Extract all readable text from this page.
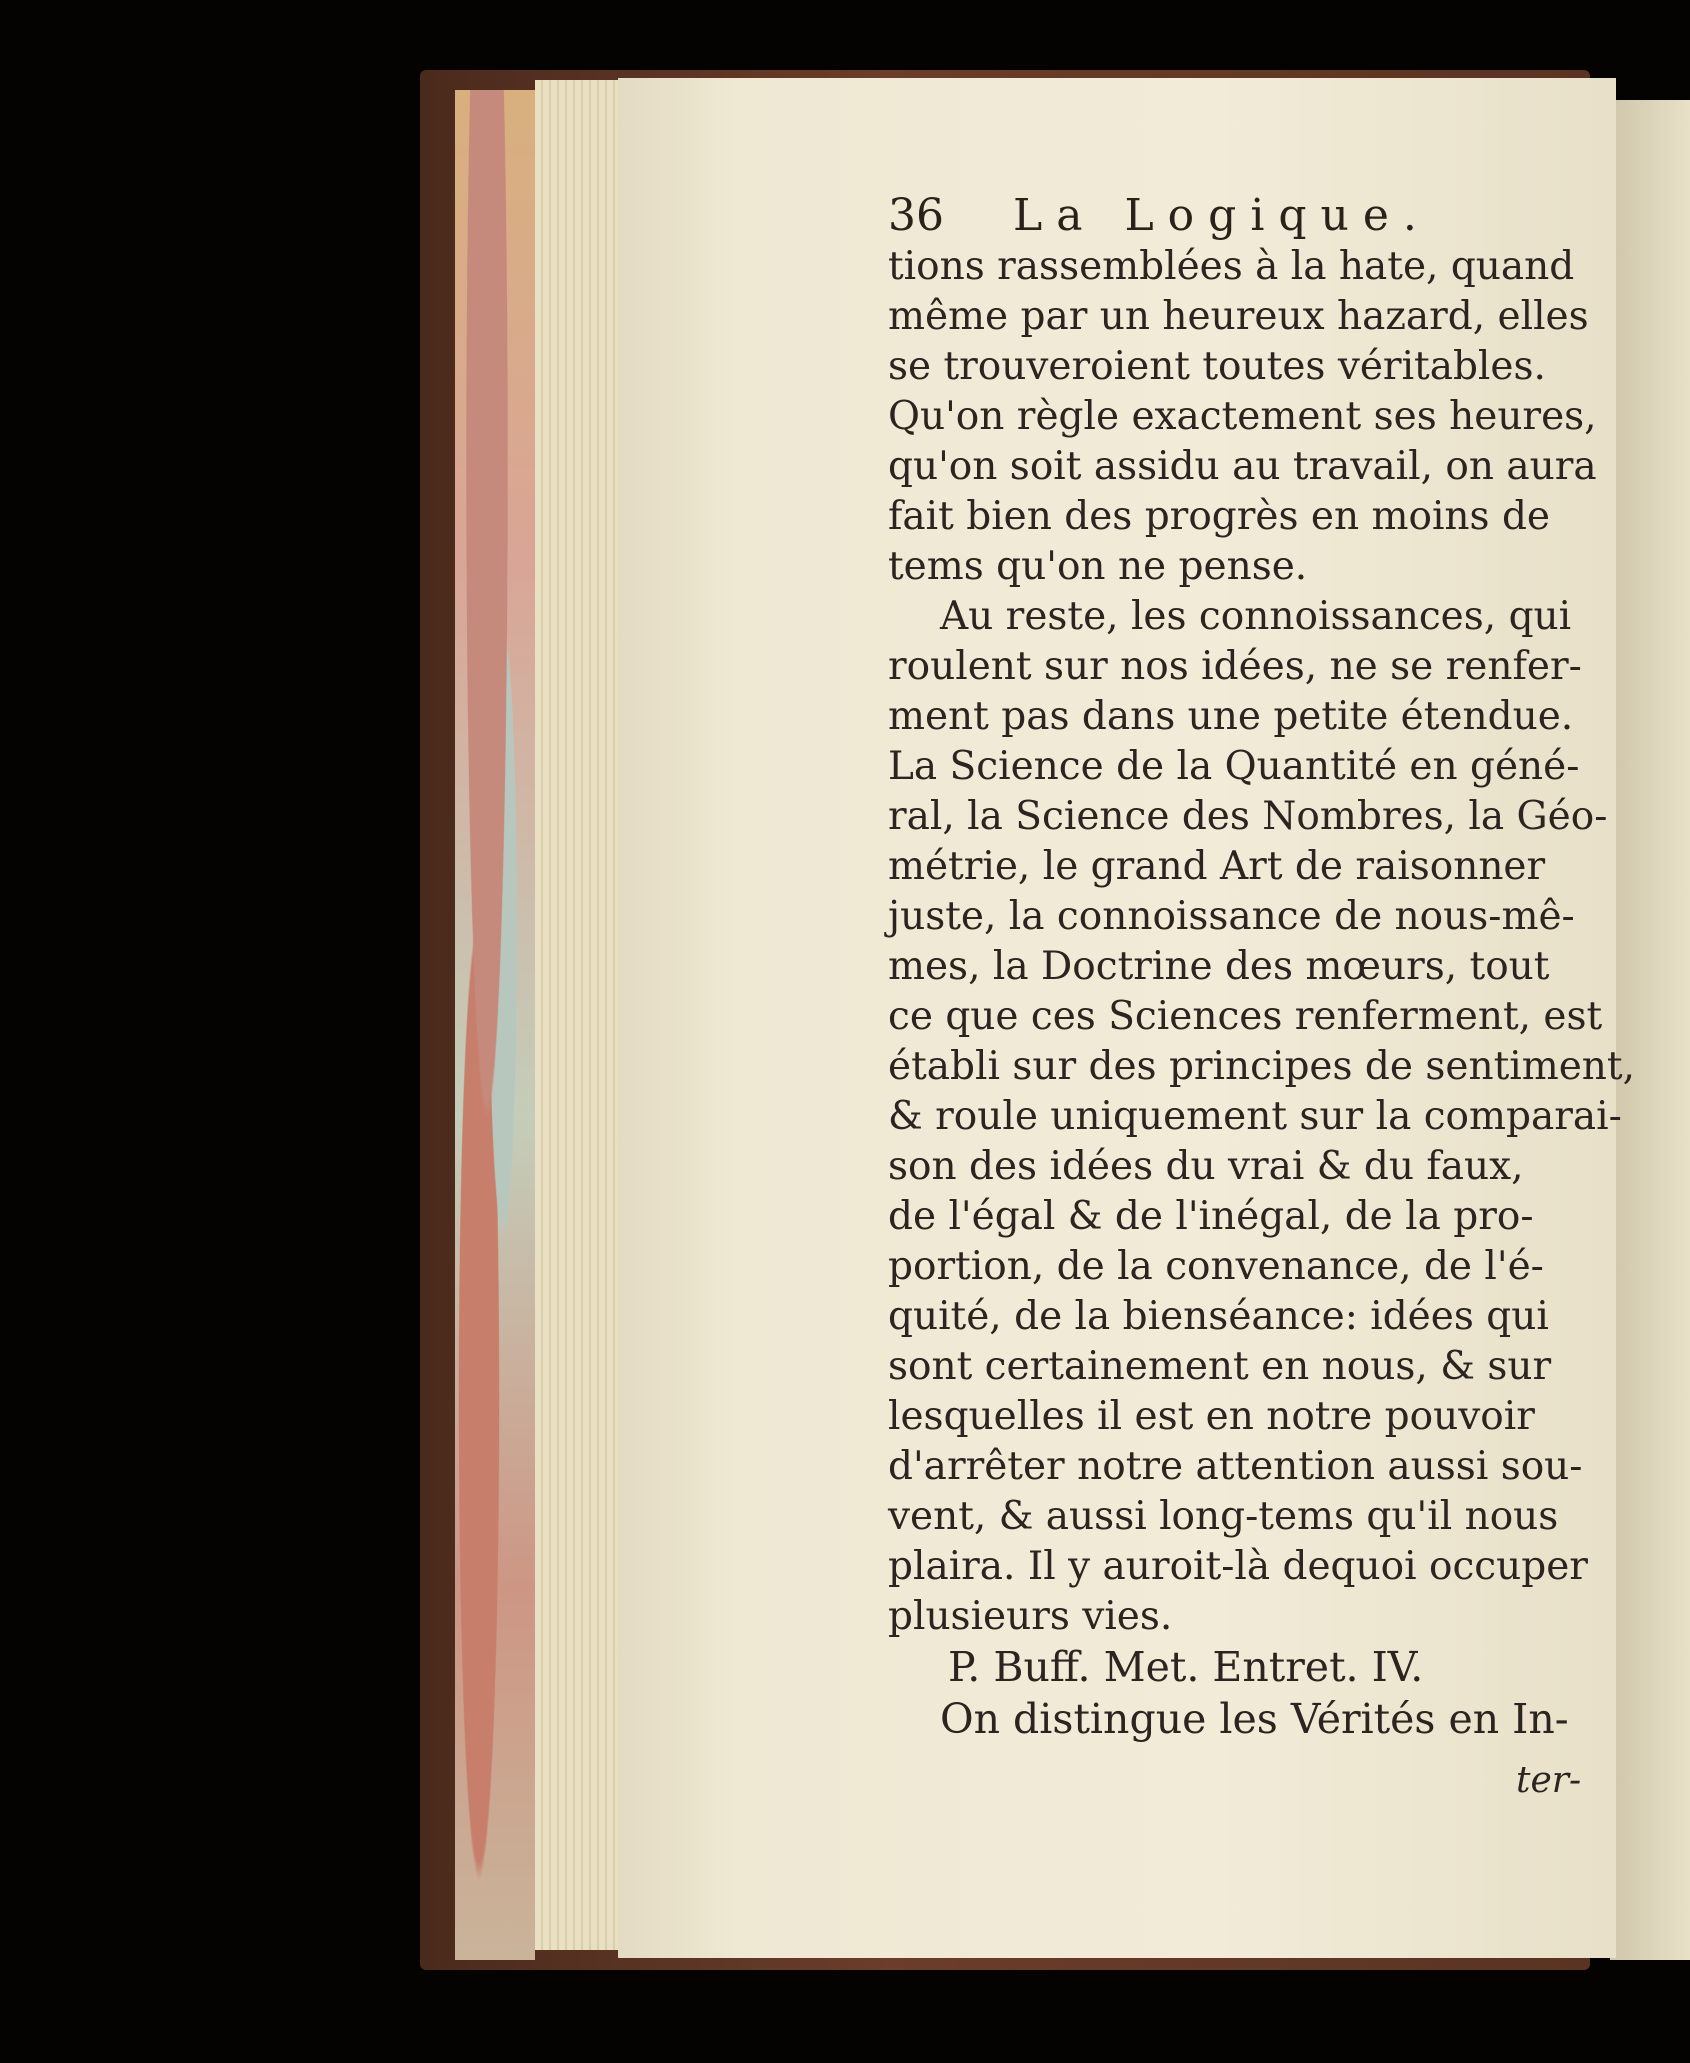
36 La Logique.
tions rassemblées à la hate, quand
même par un heureux hazard, elles
se trouveroient toutes véritables.
Qu'on règle exactement ses heures,
qu'on soit assidu au travail, on aura
fait bien des progrès en moins de
tems qu'on ne pense.
Au reste, les connoissances, qui
roulent sur nos idées, ne se renfer-
ment pas dans une petite étendue.
La Science de la Quantité en géné-
ral, la Science des Nombres, la Géo-
métrie, le grand Art de raisonner
juste, la connoissance de nous-mê-
mes, la Doctrine des mœurs, tout
ce que ces Sciences renferment, est
établi sur des principes de sentiment,
& roule uniquement sur la comparai-
son des idées du vrai & du faux,
de l'égal & de l'inégal, de la pro-
portion, de la convenance, de l'é-
quité, de la bienséance: idées qui
sont certainement en nous, & sur
lesquelles il est en notre pouvoir
d'arrêter notre attention aussi sou-
vent, & aussi long-tems qu'il nous
plaira. Il y auroit-là dequoi occuper
plusieurs vies.
P. Buff. Met. Entret. IV.
On distingue les Vérités en In-
ter-
